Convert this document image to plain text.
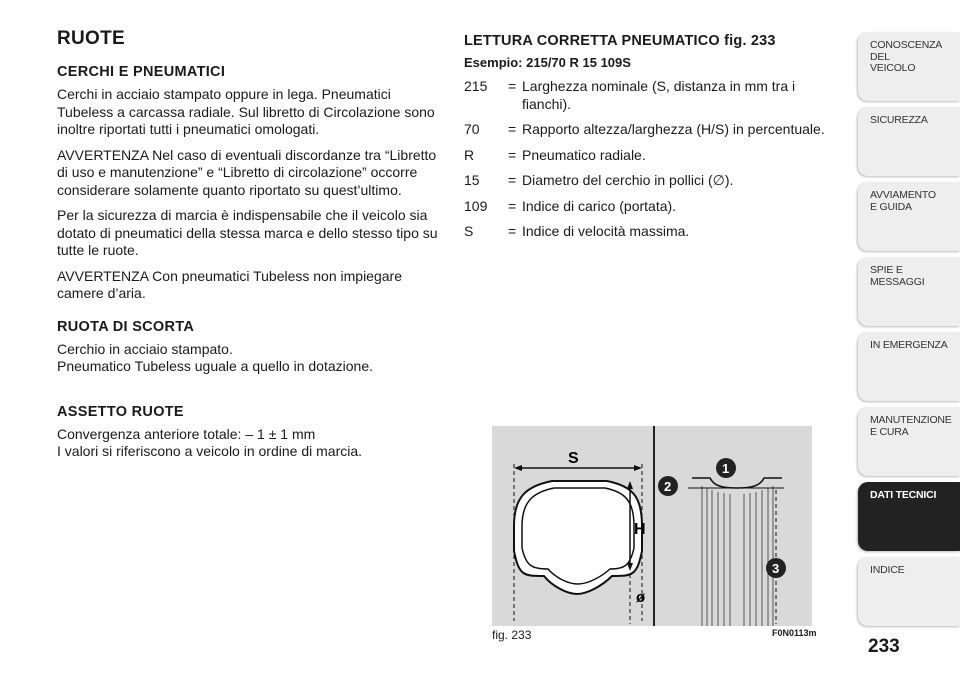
RUOTE
CERCHI E PNEUMATICI

Cerchi in acciaio stampato oppure in lega. Pneumatici Tubeless a carcassa radiale. Sul libretto di Circolazione sono inoltre riportati tutti i pneumatici omologati.

AVVERTENZA Nel caso di eventuali discordanze tra “Libretto di uso e manutenzione” e “Libretto di circolazione” occorre considerare solamente quanto riportato su quest’ultimo.

Per la sicurezza di marcia è indispensabile che il veicolo sia dotato di pneumatici della stessa marca e dello stesso tipo su tutte le ruote.

AVVERTENZA Con pneumatici Tubeless non impiegare camere d’aria.

RUOTA DI SCORTA

Cerchio in acciaio stampato.

Pneumatico Tubeless uguale a quello in dotazione.

ASSETTO RUOTE

Convergenza anteriore totale: – 1 ± 1 mm

I valori si riferiscono a veicolo in ordine di marcia.

LETTURA CORRETTA PNEUMATICO fig. 233
Esempio: 215/70 R 15 109S
215	= Larghezza nominale (S, distanza in mm tra i fianchi).
70	= Rapporto altezza/larghezza (H/S) in percentuale.
R	= Pneumatico radiale.
15	= Diametro del cerchio in pollici (∅).
109	= Indice di carico (portata).
S	= Indice di velocità massima.
S
H
ø
1
2
3
fig. 233	F0N0113m
233
CONOSCENZA
DEL
VEICOLO
SICUREZZA
AVVIAMENTO
E GUIDA
SPIE E
MESSAGGI
IN EMERGENZA
MANUTENZIONE
E CURA
DATI TECNICI
INDICE
